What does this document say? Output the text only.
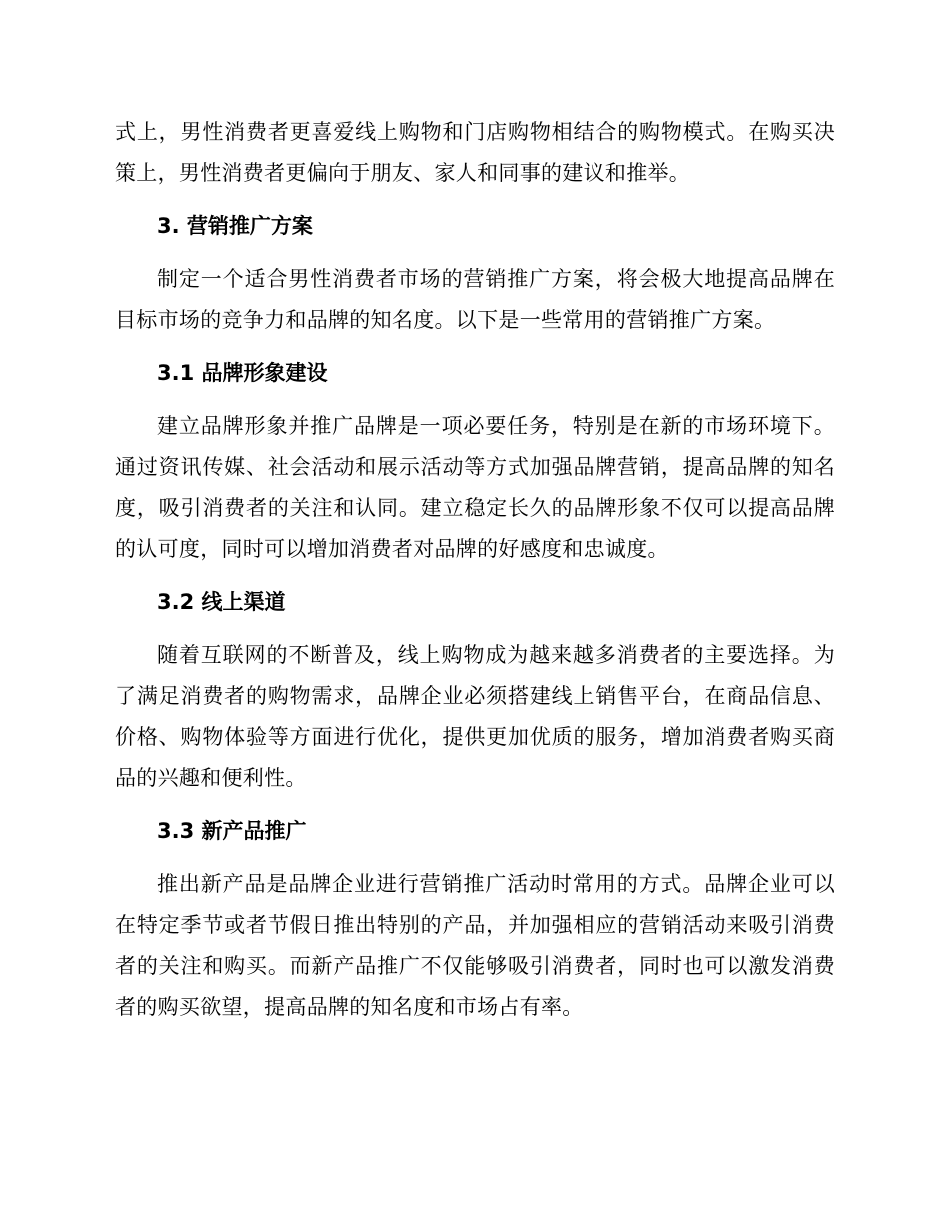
式上，男性消费者更喜爱线上购物和门店购物相结合的购物模式。在购买决策上，男性消费者更偏向于朋友、家人和同事的建议和推举。

3. 营销推广方案

制定一个适合男性消费者市场的营销推广方案，将会极大地提高品牌在目标市场的竞争力和品牌的知名度。以下是一些常用的营销推广方案。

3.1 品牌形象建设

建立品牌形象并推广品牌是一项必要任务，特别是在新的市场环境下。通过资讯传媒、社会活动和展示活动等方式加强品牌营销，提高品牌的知名度，吸引消费者的关注和认同。建立稳定长久的品牌形象不仅可以提高品牌的认可度，同时可以增加消费者对品牌的好感度和忠诚度。

3.2 线上渠道

随着互联网的不断普及，线上购物成为越来越多消费者的主要选择。为了满足消费者的购物需求，品牌企业必须搭建线上销售平台，在商品信息、价格、购物体验等方面进行优化，提供更加优质的服务，增加消费者购买商品的兴趣和便利性。

3.3 新产品推广

推出新产品是品牌企业进行营销推广活动时常用的方式。品牌企业可以在特定季节或者节假日推出特别的产品，并加强相应的营销活动来吸引消费者的关注和购买。而新产品推广不仅能够吸引消费者，同时也可以激发消费者的购买欲望，提高品牌的知名度和市场占有率。
